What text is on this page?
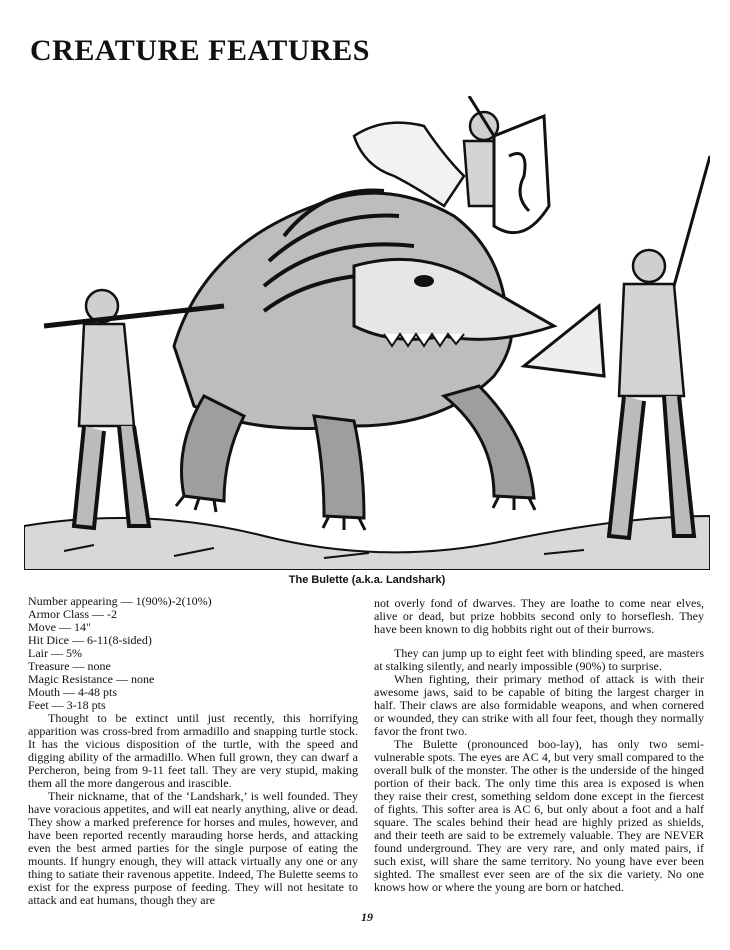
CREATURE FEATURES
The Bulette (a.k.a. Landshark)

Number appearing — 1(90%)-2(10%)

Armor Class — -2

Move — 14"

Hit Dice — 6-11(8-sided)

Lair — 5%

Treasure — none

Magic Resistance — none

Mouth — 4-48 pts

Feet — 3-18 pts

Thought to be extinct until just recently, this horrifying apparition was cross-bred from armadillo and snapping turtle stock. It has the vicious disposition of the turtle, with the speed and digging ability of the armadillo. When full grown, they can dwarf a Percheron, being from 9-11 feet tall. They are very stupid, making them all the more dangerous and irascible.

Their nickname, that of the ‘Landshark,’ is well founded. They have voracious appetites, and will eat nearly anything, alive or dead. They show a marked preference for horses and mules, however, and have been reported recently marauding horse herds, and attacking even the best armed parties for the single purpose of eating the mounts. If hungry enough, they will attack virtually any one or any thing to satiate their ravenous appetite. Indeed, The Bulette seems to exist for the express purpose of feeding. They will not hesitate to attack and eat humans, though they are

not overly fond of dwarves. They are loathe to come near elves, alive or dead, but prize hobbits second only to horseflesh. They have been known to dig hobbits right out of their burrows.

They can jump up to eight feet with blinding speed, are masters at stalking silently, and nearly impossible (90%) to surprise.

When fighting, their primary method of attack is with their awesome jaws, said to be capable of biting the largest charger in half. Their claws are also formidable weapons, and when cornered or wounded, they can strike with all four feet, though they normally favor the front two.

The Bulette (pronounced boo-lay), has only two semi-vulnerable spots. The eyes are AC 4, but very small compared to the overall bulk of the monster. The other is the underside of the hinged portion of their back. The only time this area is exposed is when they raise their crest, something seldom done except in the fiercest of fights. This softer area is AC 6, but only about a foot and a half square. The scales behind their head are highly prized as shields, and their teeth are said to be extremely valuable. They are NEVER found underground. They are very rare, and only mated pairs, if such exist, will share the same territory. No young have ever been sighted. The smallest ever seen are of the six die variety. No one knows how or where the young are born or hatched.

19
